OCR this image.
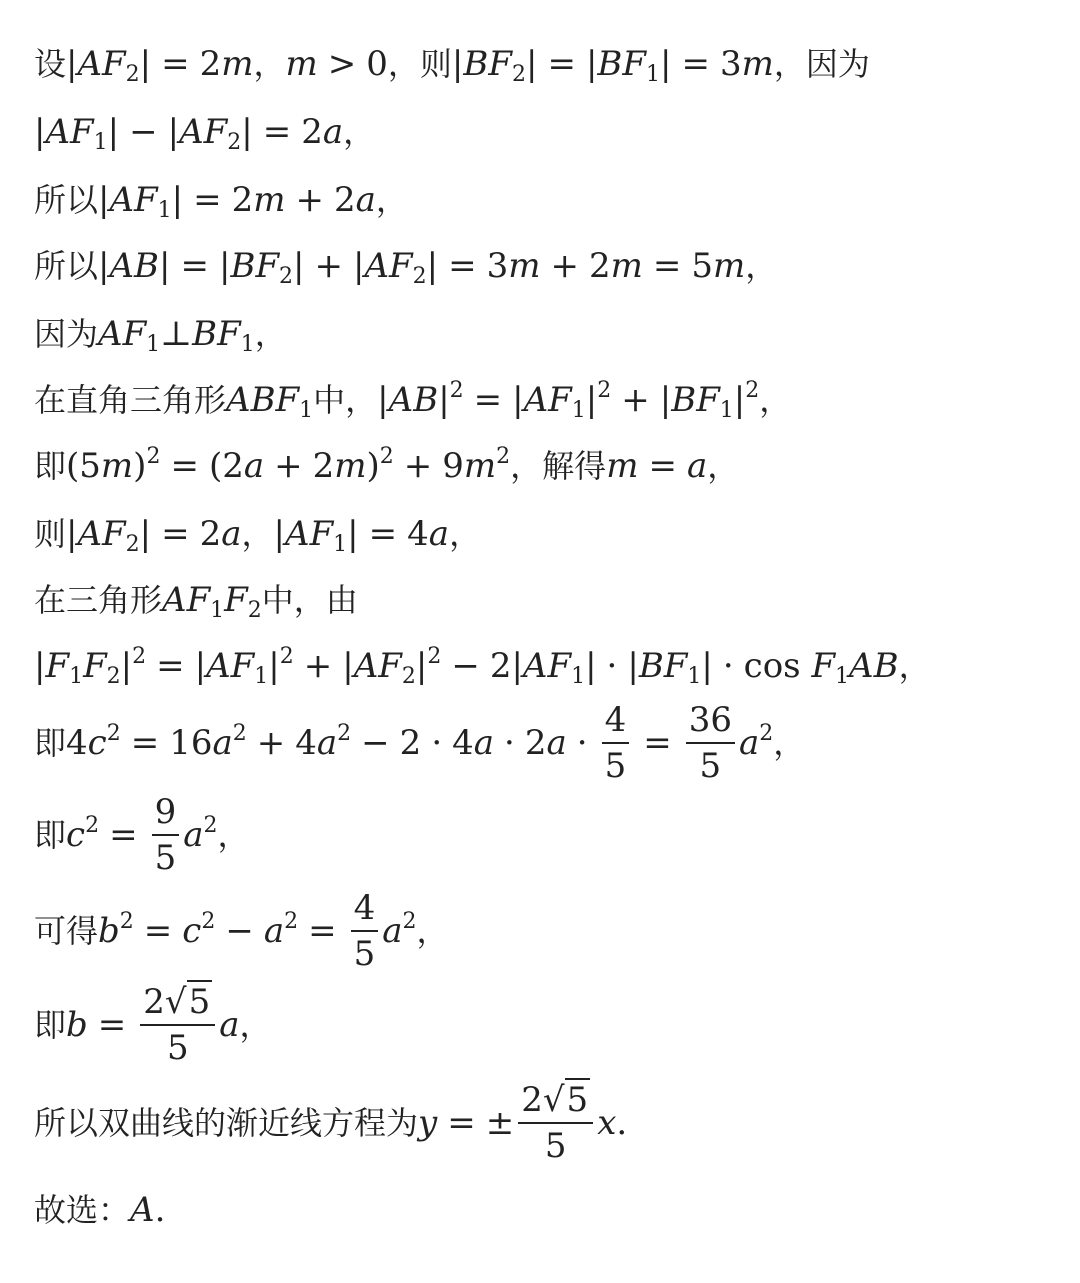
设$|AF_2| = 2m$，m > 0，则$|BF_2| = |BF_1| = 3m$，因为
$|AF_1| - |AF_2| = 2a$，
所以$|AF_1| = 2m + 2a$，
所以$|AB| = |BF_2| + |AF_2| = 3m + 2m = 5m$，
因为$AF_1\perp BF_1$，
在直角三角形$ABF_1$中，$|AB|^2 = |AF_1|^2 + |BF_1|^2$，
即$(5m)^2 = (2a + 2m)^2 + 9m^2$，解得m = a，
则$|AF_2| = 2a$，$|AF_1| = 4a$，
在三角形$AF_1F_2$中，由
$|F_1F_2|^2 = |AF_1|^2 + |AF_2|^2 - 2|AF_1| \cdot |BF_1| \cdot \cos F_1AB$，
即$4c^2 = 16a^2 + 4a^2 - 2 \cdot 4a \cdot 2a \cdot \frac{4}{5} = \frac{36}{5} a^2$，
即$c^2 = \frac{9}{5} a^2$，
可得$b^2 = c^2 - a^2 = \frac{4}{5} a^2$，
即$b = \frac{2√5}{5}$ a，
所以双曲线的渐近线方程为y = ± $\frac{2√5}{5} x$.
故选：A.
